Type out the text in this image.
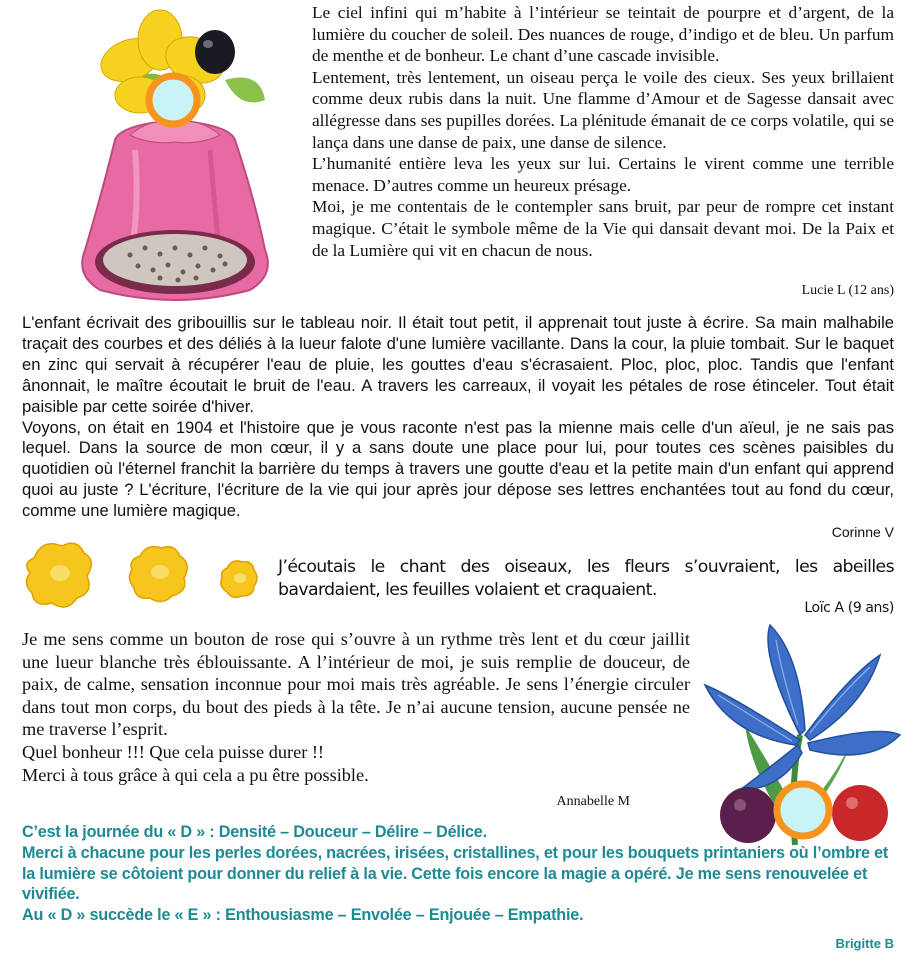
Le ciel infini qui m’habite à l’intérieur se teintait de pourpre et d’argent, de la lumière du coucher de soleil. Des nuances de rouge, d’indigo et de bleu. Un parfum de menthe et de bonheur. Le chant d’une cascade invisible.

Lentement, très lentement, un oiseau perça le voile des cieux. Ses yeux brillaient comme deux rubis dans la nuit. Une flamme d’Amour et de Sagesse dansait avec allégresse dans ses pupilles dorées. La plénitude émanait de ce corps volatile, qui se lança dans une danse de paix, une danse de silence.

L’humanité entière leva les yeux sur lui. Certains le virent comme une terrible menace. D’autres comme un heureux présage.

Moi, je me contentais de le contempler sans bruit, par peur de rompre cet instant magique. C’était le symbole même de la Vie qui dansait devant moi. De la Paix et de la Lumière qui vit en chacun de nous.

Lucie L (12 ans)

L'enfant écrivait des gribouillis sur le tableau noir. Il était tout petit, il apprenait tout juste à écrire. Sa main malhabile traçait des courbes et des déliés à la lueur falote d'une lumière vacillante. Dans la cour, la pluie tombait. Sur le baquet en zinc qui servait à récupérer l'eau de pluie, les gouttes d'eau s'écrasaient. Ploc, ploc, ploc. Tandis que l'enfant ânonnait, le maître écoutait le bruit de l'eau. A travers les carreaux, il voyait les pétales de rose étinceler. Tout était paisible par cette soirée d'hiver.

Voyons, on était en 1904 et l'histoire que je vous raconte n'est pas la mienne mais celle d'un aïeul, je ne sais pas lequel. Dans la source de mon cœur, il y a sans doute une place pour lui, pour toutes ces scènes paisibles du quotidien où l'éternel franchit la barrière du temps à travers une goutte d'eau et la petite main d'un enfant qui apprend quoi au juste ? L'écriture, l'écriture de la vie qui jour après jour dépose ses lettres enchantées tout au fond du cœur, comme une lumière magique.

Corinne V
J’écoutais le chant des oiseaux, les fleurs s’ouvraient, les abeilles bavardaient, les feuilles volaient et craquaient.
Loïc A (9 ans)

Je me sens comme un bouton de rose qui s’ouvre à un rythme très lent et du cœur jaillit une lueur blanche très éblouissante. A l’intérieur de moi, je suis remplie de douceur, de paix, de calme, sensation inconnue pour moi mais très agréable. Je sens l’énergie circuler dans tout mon corps, du bout des pieds à la tête. Je n’ai aucune tension, aucune pensée ne me traverse l’esprit.

Quel bonheur !!! Que cela puisse durer !!

Merci à tous grâce à qui cela a pu être possible.

Annabelle M

C’est la journée du « D » : Densité – Douceur – Délire – Délice.

Merci à chacune pour les perles dorées, nacrées, irisées, cristallines, et pour les bouquets printaniers où l’ombre et la lumière se côtoient pour donner du relief à la vie. Cette fois encore la magie a opéré. Je me sens renouvelée et vivifiée.

Au « D » succède le « E » : Enthousiasme – Envolée – Enjouée – Empathie.

Brigitte B
